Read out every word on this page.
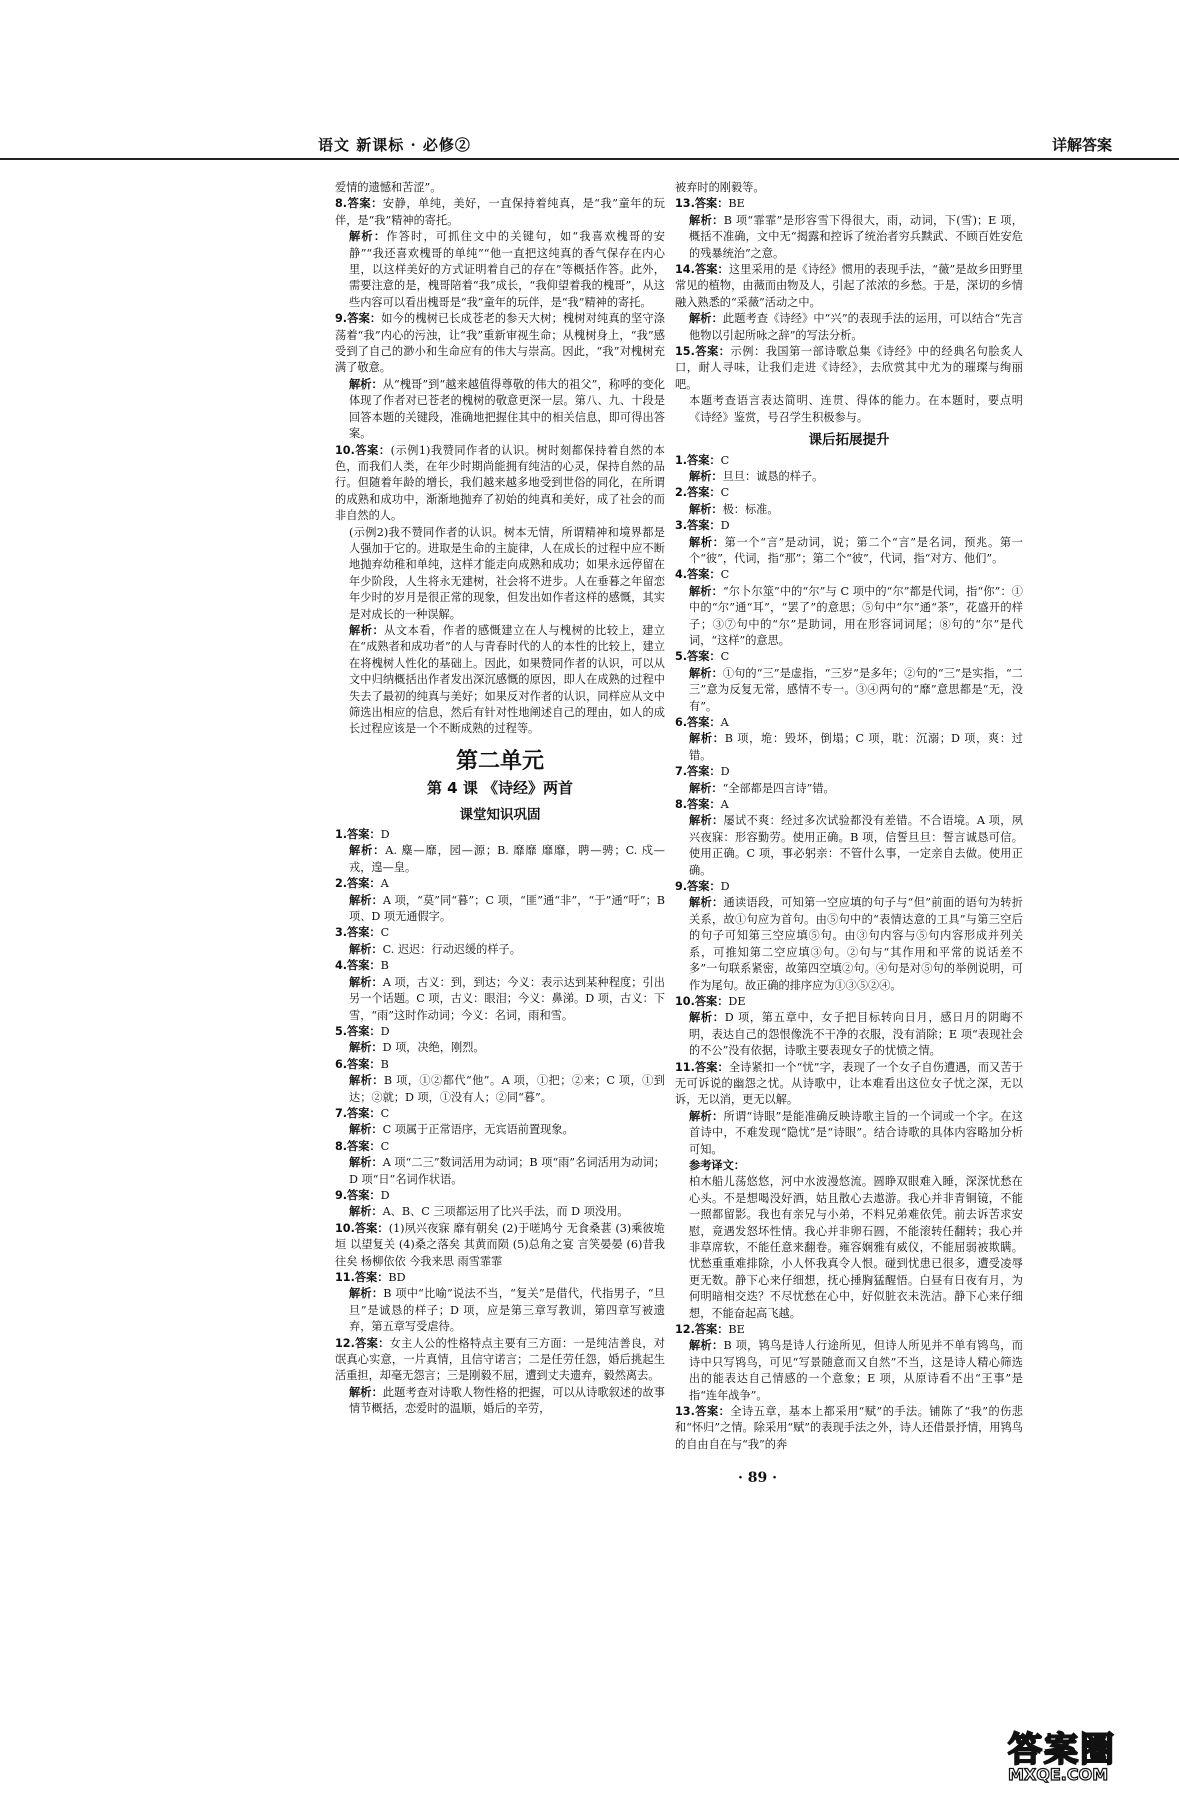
语文 新课标 · 必修②	详解答案

爱情的遗憾和苦涩”。

8.答案：安静，单纯，美好，一直保持着纯真，是“我”童年的玩伴，是“我”精神的寄托。

解析：作答时，可抓住文中的关键句，如“我喜欢槐哥的安静”“我还喜欢槐哥的单纯”“他一直把这纯真的香气保存在内心里，以这样美好的方式证明着自己的存在”等概括作答。此外，需要注意的是，槐哥陪着“我”成长，“我仰望着我的槐哥”，从这些内容可以看出槐哥是“我”童年的玩伴，是“我”精神的寄托。

9.答案：如今的槐树已长成苍老的参天大树；槐树对纯真的坚守涤荡着“我”内心的污浊，让“我”重新审视生命；从槐树身上，“我”感受到了自己的渺小和生命应有的伟大与崇高。因此，“我”对槐树充满了敬意。

解析：从“槐哥”到“越来越值得尊敬的伟大的祖父”，称呼的变化体现了作者对已苍老的槐树的敬意更深一层。第八、九、十段是回答本题的关键段，准确地把握住其中的相关信息，即可得出答案。

10.答案：(示例1)我赞同作者的认识。树时刻都保持着自然的本色，而我们人类，在年少时期尚能拥有纯洁的心灵，保持自然的品行。但随着年龄的增长，我们越来越多地受到世俗的同化，在所谓的成熟和成功中，渐渐地抛弃了初始的纯真和美好，成了社会的而非自然的人。

(示例2)我不赞同作者的认识。树本无情，所谓精神和境界都是人强加于它的。进取是生命的主旋律，人在成长的过程中应不断地抛弃幼稚和单纯，这样才能走向成熟和成功；如果永远停留在年少阶段，人生将永无建树，社会将不进步。人在垂暮之年留恋年少时的岁月是很正常的现象，但发出如作者这样的感慨，其实是对成长的一种误解。

解析：从文本看，作者的感慨建立在人与槐树的比较上，建立在“成熟者和成功者”的人与青春时代的人的本性的比较上，建立在将槐树人性化的基础上。因此，如果赞同作者的认识，可以从文中归纳概括出作者发出深沉感慨的原因，即人在成熟的过程中失去了最初的纯真与美好；如果反对作者的认识，同样应从文中筛选出相应的信息，然后有针对性地阐述自己的理由，如人的成长过程应该是一个不断成熟的过程等。

第二单元
第 4 课 《诗经》两首
课堂知识巩固

1.答案：D

解析：A. 麋—靡，园—源；B. 靡靡 靡靡，聘—骋；C. 戍—戎，遑—皇。

2.答案：A

解析：A 项，“莫”同“暮”；C 项，“匪”通“非”，“于”通“吁”；B 项、D 项无通假字。

3.答案：C

解析：C. 迟迟：行动迟缓的样子。

4.答案：B

解析：A 项，古义：到，到达；今义：表示达到某种程度；引出另一个话题。C 项，古义：眼泪；今义：鼻涕。D 项，古义：下雪，“雨”这时作动词；今义：名词，雨和雪。

5.答案：D

解析：D 项，决绝，刚烈。

6.答案：B

解析：B 项，①②都代“他”。A 项，①把；②来；C 项，①到达；②就；D 项，①没有人；②同“暮”。

7.答案：C

解析：C 项属于正常语序，无宾语前置现象。

8.答案：C

解析：A 项“二三”数词活用为动词；B 项“雨”名词活用为动词；D 项“日”名词作状语。

9.答案：D

解析：A、B、C 三项都运用了比兴手法，而 D 项没用。

10.答案：(1)夙兴夜寐 靡有朝矣 (2)于嗟鸠兮 无食桑葚 (3)乘彼垝垣 以望复关 (4)桑之落矣 其黄而陨 (5)总角之宴 言笑晏晏 (6)昔我往矣 杨柳依依 今我来思 雨雪霏霏

11.答案：BD

解析：B 项中“比喻”说法不当，“复关”是借代，代指男子，“旦旦”是诚恳的样子；D 项，应是第三章写教训，第四章写被遗弃，第五章写受虐待。

12.答案：女主人公的性格特点主要有三方面：一是纯洁善良，对氓真心实意，一片真情，且信守诺言；二是任劳任怨，婚后挑起生活重担，却毫无怨言；三是刚毅不屈，遭到丈夫遗弃，毅然离去。

解析：此题考查对诗歌人物性格的把握，可以从诗歌叙述的故事情节概括，恋爱时的温顺，婚后的辛劳，

被弃时的刚毅等。

13.答案：BE

解析：B 项“霏霏”是形容雪下得很大，雨，动词，下(雪)；E 项，概括不准确，文中无“揭露和控诉了统治者穷兵黩武、不顾百姓安危的残暴统治”之意。

14.答案：这里采用的是《诗经》惯用的表现手法，“薇”是故乡田野里常见的植物，由薇而由物及人，引起了浓浓的乡愁。于是，深切的乡情融入熟悉的“采薇”活动之中。

解析：此题考查《诗经》中“兴”的表现手法的运用，可以结合“先言他物以引起所咏之辞”的写法分析。

15.答案：示例：我国第一部诗歌总集《诗经》中的经典名句脍炙人口，耐人寻味，让我们走进《诗经》，去欣赏其中尤为的璀璨与绚丽吧。

本题考查语言表达简明、连贯、得体的能力。在本题时，要点明《诗经》鉴赏，号召学生积极参与。

课后拓展提升

1.答案：C

解析：旦旦：诚恳的样子。

2.答案：C

解析：极：标准。

3.答案：D

解析：第一个“言”是动词，说；第二个“言”是名词，预兆。第一个“彼”，代词，指“那”；第二个“彼”，代词，指“对方、他们”。

4.答案：C

解析：“尔卜尔筮”中的“尔”与 C 项中的“尔”都是代词，指“你”：①中的“尔”通“耳”，“罢了”的意思；⑤句中“尔”通“茶”，花盛开的样子；③⑦句中的“尔”是助词，用在形容词词尾；⑧句的“尔”是代词，“这样”的意思。

5.答案：C

解析：①句的“三”是虚指，“三岁”是多年；②句的“三”是实指，“二三”意为反复无常，感情不专一。③④两句的“靡”意思都是“无，没有”。

6.答案：A

解析：B 项，垝：毁坏，倒塌；C 项，耽：沉溺；D 项，爽：过错。

7.答案：D

解析：“全部都是四言诗”错。

8.答案：A

解析：屡试不爽：经过多次试验都没有差错。不合语境。A 项，夙兴夜寐：形容勤劳。使用正确。B 项，信誓旦旦：誓言诚恳可信。使用正确。C 项，事必躬亲：不管什么事，一定亲自去做。使用正确。

9.答案：D

解析：通读语段，可知第一空应填的句子与“但”前面的语句为转折关系，故①句应为首句。由⑤句中的“表情达意的工具”与第三空后的句子可知第三空应填⑤句。由③句内容与⑤句内容形成并列关系，可推知第二空应填③句。②句与“其作用和平常的说话差不多”一句联系紧密，故第四空填②句。④句是对⑤句的举例说明，可作为尾句。故正确的排序应为①③⑤②④。

10.答案：DE

解析：D 项，第五章中，女子把目标转向日月，感日月的阴晦不明，表达自己的怨恨像洗不干净的衣服，没有消除；E 项“表现社会的不公”没有依据，诗歌主要表现女子的忧愤之情。

11.答案：全诗紧扣一个“忧”字，表现了一个女子自伤遭遇，而又苦于无可诉说的幽怨之忧。从诗歌中，让本难看出这位女子忧之深，无以诉，无以消，更无以解。

解析：所谓“诗眼”是能准确反映诗歌主旨的一个词或一个字。在这首诗中，不难发现“隐忧”是“诗眼”。结合诗歌的具体内容略加分析可知。

参考译文：

柏木船儿荡悠悠，河中水波漫悠流。圆睁双眼难入睡，深深忧愁在心头。不是想喝没好酒，姑且散心去遨游。我心并非青铜镜，不能一照都留影。我也有亲兄与小弟，不料兄弟难依凭。前去诉苦求安慰，竟遇发怒坏性情。我心并非卵石圆，不能滚转任翻转；我心并非草席软，不能任意来翻卷。雍容娴雅有威仪，不能屈弱被欺瞒。忧愁重重难排除，小人怀我真令人恨。碰到忧患已很多，遭受凌辱更无数。静下心来仔细想，抚心捶胸猛醒悟。白昼有日夜有月，为何明暗相交迭？不尽忧愁在心中，好似脏衣未洗洁。静下心来仔细想，不能奋起高飞越。

12.答案：BE

解析：B 项，鸨鸟是诗人行途所见，但诗人所见并不单有鸨鸟，而诗中只写鸨鸟，可见“写景随意而又自然”不当，这是诗人精心筛选出的能表达自己情感的一个意象；E 项，从原诗看不出“王事”是指“连年战争”。

13.答案：全诗五章，基本上都采用“赋”的手法。铺陈了“我”的伤悲和“怀归”之情。除采用“赋”的表现手法之外，诗人还借景抒情，用鸨鸟的自由自在与“我”的奔

· 89 ·
答案圈
MXQE.COM
